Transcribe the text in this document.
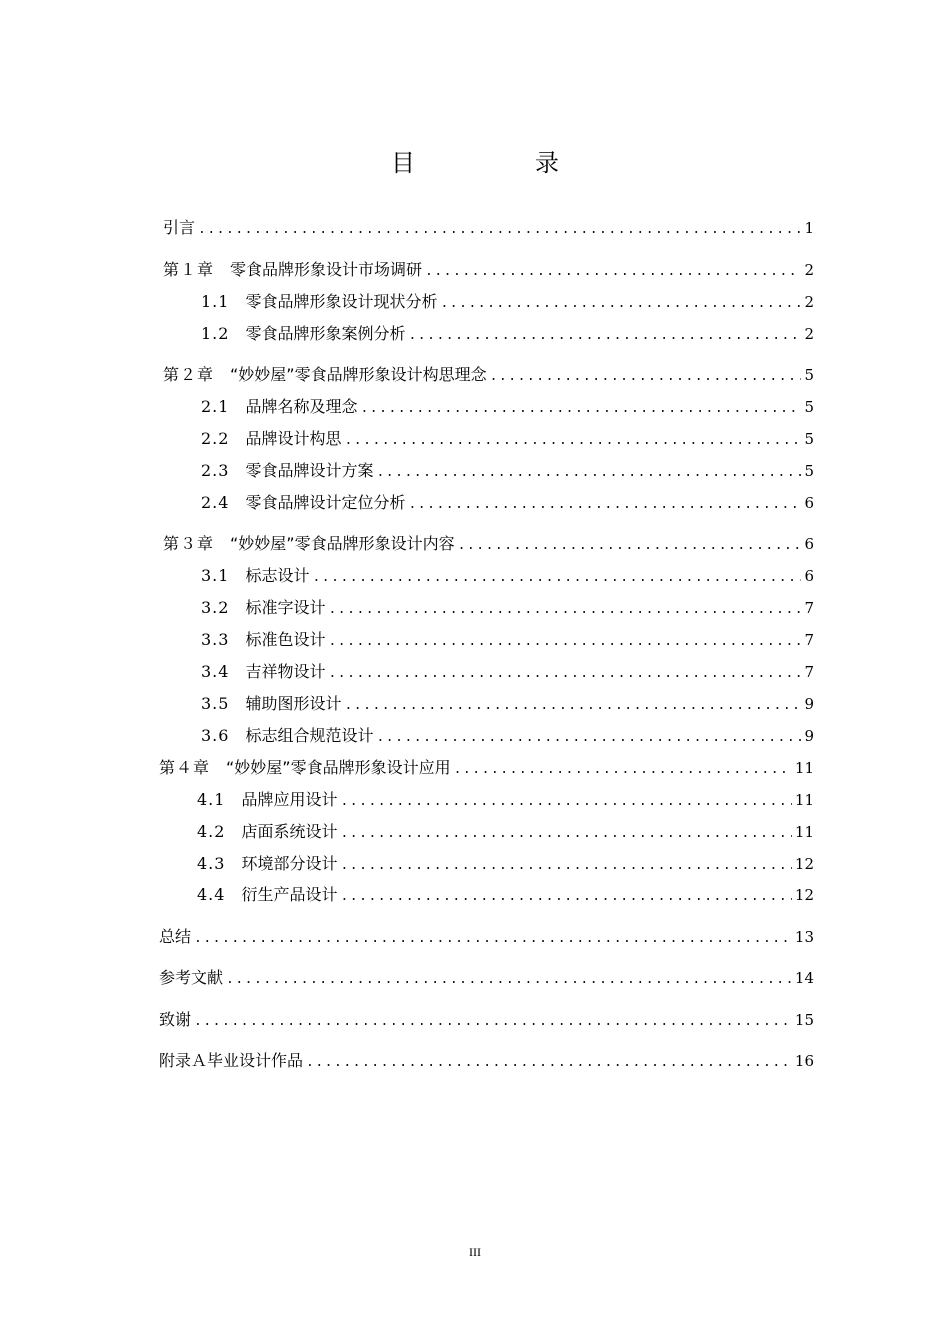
目　录
引言 .....	1
第１章 零食品牌形象设计市场调研 .....	2
1.1 零食品牌形象设计现状分析 .....	2
1.2 零食品牌形象案例分析 .....	2
第２章 “妙妙屋”零食品牌形象设计构思理念 .....	5
2.1 品牌名称及理念 .....	5
2.2 品牌设计构思 .....	5
2.3 零食品牌设计方案 .....	5
2.4 零食品牌设计定位分析 .....	6
第３章 “妙妙屋”零食品牌形象设计内容 .....	6
3.1 标志设计 .....	6
3.2 标准字设计 .....	7
3.3 标准色设计 .....	7
3.4 吉祥物设计 .....	7
3.5 辅助图形设计 .....	9
3.6 标志组合规范设计 .....	9
第４章 “妙妙屋”零食品牌形象设计应用 .....	11
4.1 品牌应用设计 .....	11
4.2 店面系统设计 .....	11
4.3 环境部分设计 .....	12
4.4 衍生产品设计 .....	12
总结 .....	13
参考文献 .....	14
致谢 .....	15
附录Ａ毕业设计作品 .....	16
III
